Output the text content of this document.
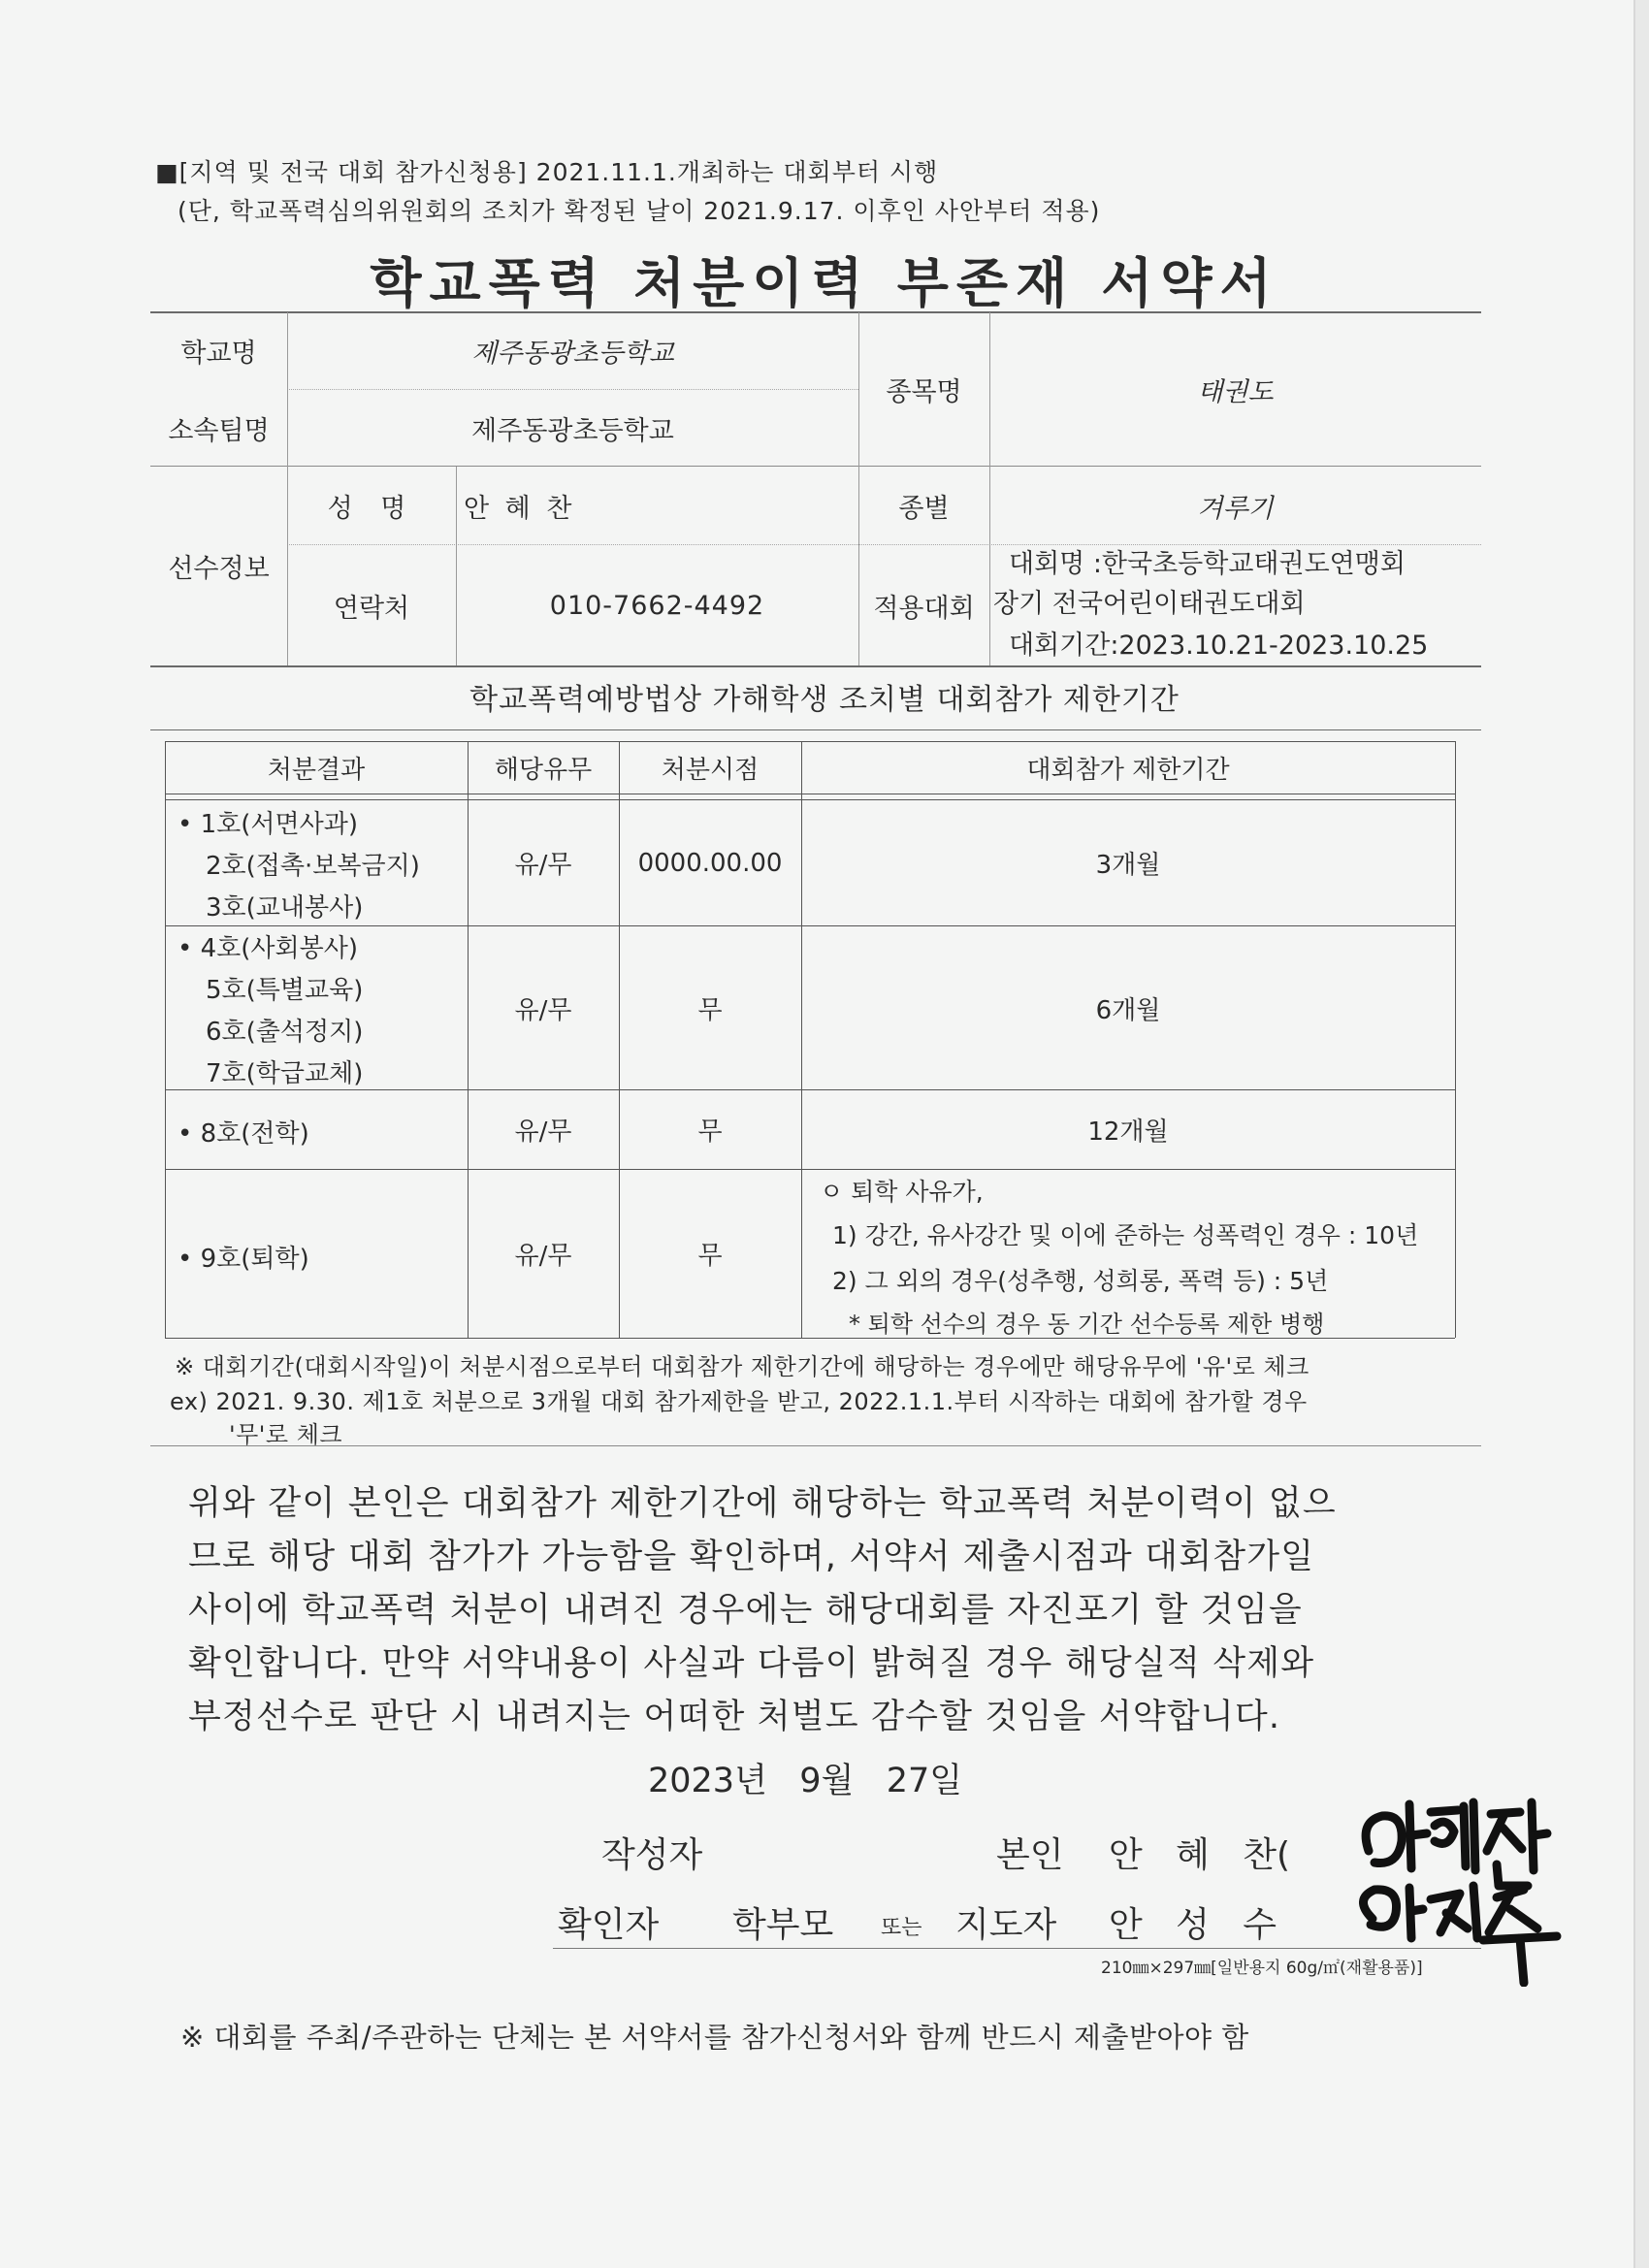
■[지역 및 전국 대회 참가신청용] 2021.11.1.개최하는 대회부터 시행
(단, 학교폭력심의위원회의 조치가 확정된 날이 2021.9.17. 이후인 사안부터 적용)
학교폭력 처분이력 부존재 서약서
학교명	제주동광초등학교
소속팀명	제주동광초등학교
종목명	태권도
선수정보
성 명	안 혜 찬	종별	겨루기
연락처	010-7662-4492	적용대회
대회명 :한국초등학교태권도연맹회
장기 전국어린이태권도대회
대회기간:2023.10.21-2023.10.25
학교폭력예방법상 가해학생 조치별 대회참가 제한기간
처분결과	해당유무	처분시점	대회참가 제한기간
• 1호(서면사과)
2호(접촉·보복금지)
3호(교내봉사)
유/무	0000.00.00	3개월
• 4호(사회봉사)
5호(특별교육)
6호(출석정지)
7호(학급교체)
유/무	무	6개월
• 8호(전학)	유/무	무	12개월
• 9호(퇴학)	유/무	무
ㅇ 퇴학 사유가,
1) 강간, 유사강간 및 이에 준하는 성폭력인 경우 : 10년
2) 그 외의 경우(성추행, 성희롱, 폭력 등) : 5년
* 퇴학 선수의 경우 동 기간 선수등록 제한 병행
※ 대회기간(대회시작일)이 처분시점으로부터 대회참가 제한기간에 해당하는 경우에만 해당유무에 '유'로 체크
ex) 2021. 9.30. 제1호 처분으로 3개월 대회 참가제한을 받고, 2022.1.1.부터 시작하는 대회에 참가할 경우
'무'로 체크
위와 같이 본인은 대회참가 제한기간에 해당하는 학교폭력 처분이력이 없으
므로 해당 대회 참가가 가능함을 확인하며, 서약서 제출시점과 대회참가일
사이에 학교폭력 처분이 내려진 경우에는 해당대회를 자진포기 할 것임을
확인합니다. 만약 서약내용이 사실과 다름이 밝혀질 경우 해당실적 삭제와
부정선수로 판단 시 내려지는 어떠한 처벌도 감수할 것임을 서약합니다.
2023년   9월   27일
작성자	본인 안   혜   찬(
확인자 학부모 또는 지도자 안   성   수
210㎜×297㎜[일반용지 60g/㎡(재활용품)]
※ 대회를 주최/주관하는 단체는 본 서약서를 참가신청서와 함께 반드시 제출받아야 함
